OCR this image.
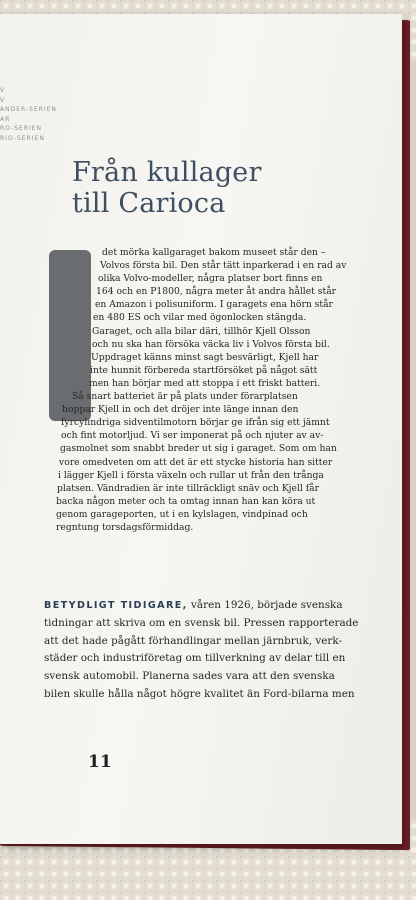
V
V
ANDER-SERIEN
AR
RO-SERIEN
RIO-SERIEN
Från kullager
till Carioca
det mörka kallgaraget bakom museet står den –
Volvos första bil. Den står tätt inparkerad i en rad av
olika Volvo-modeller, några platser bort finns en
164 och en P1800, några meter åt andra hållet står
en Amazon i polisuniform. I garagets ena hörn står
en 480 ES och vilar med ögonlocken stängda.
Garaget, och alla bilar däri, tillhör Kjell Olsson
och nu ska han försöka väcka liv i Volvos första bil.
Uppdraget känns minst sagt besvärligt, Kjell har
inte hunnit förbereda startförsöket på något sätt
men han börjar med att stoppa i ett friskt batteri.
Så snart batteriet är på plats under förarplatsen
hoppar Kjell in och det dröjer inte länge innan den
fyrcylindriga sidventilmotorn börjar ge ifrån sig ett jämnt
och fint motorljud. Vi ser imponerat på och njuter av av-
gasmolnet som snabbt breder ut sig i garaget. Som om han
vore omedveten om att det är ett stycke historia han sitter
i lägger Kjell i första växeln och rullar ut från den trånga
platsen. Vändradien är inte tillräckligt snäv och Kjell får
backa någon meter och ta omtag innan han kan köra ut
genom garageporten, ut i en kylslagen, vindpinad och
regntung torsdagsförmiddag.
BETYDLIGT TIDIGARE, våren 1926, började svenska
tidningar att skriva om en svensk bil. Pressen rapporterade
att det hade pågått förhandlingar mellan järnbruk, verk-
städer och industriföretag om tillverkning av delar till en
svensk automobil. Planerna sades vara att den svenska
bilen skulle hålla något högre kvalitet än Ford-bilarna men
11
